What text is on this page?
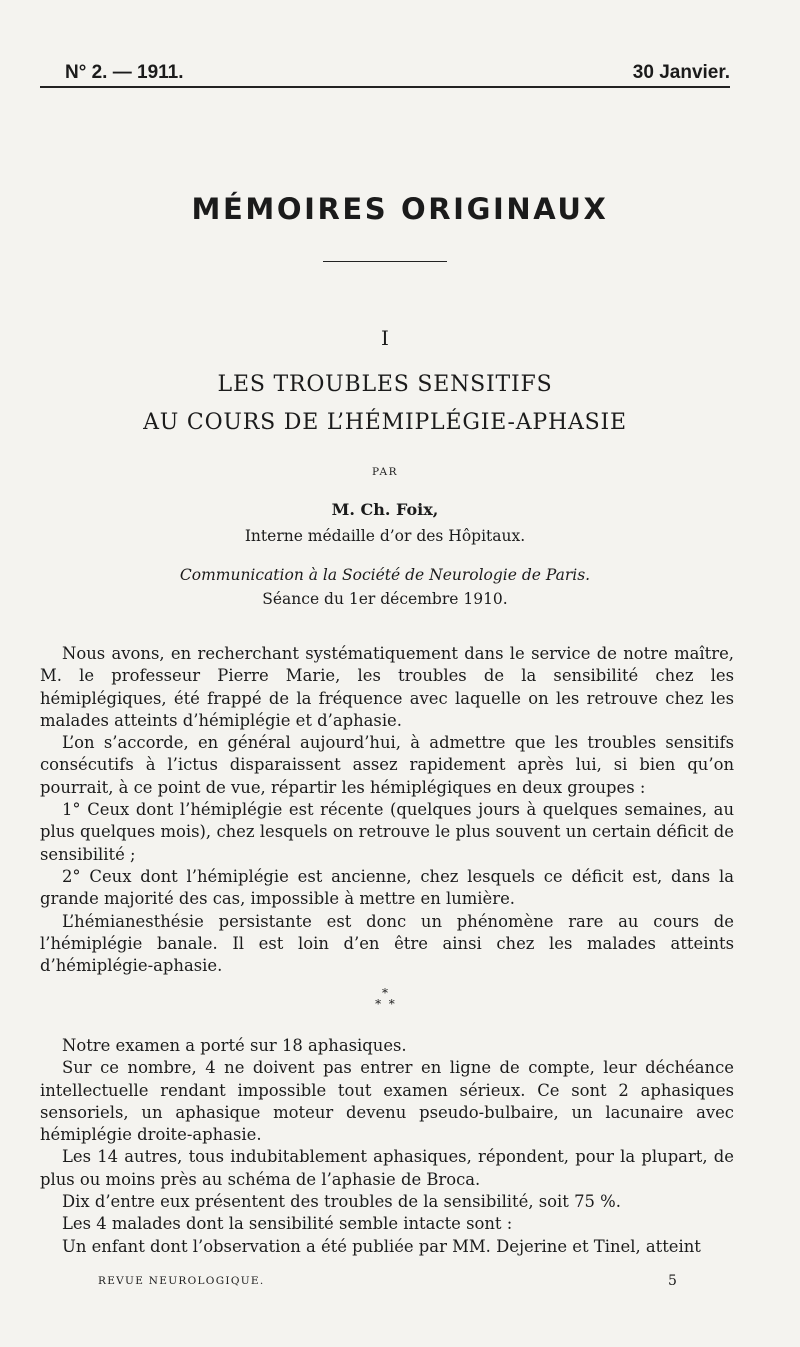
N° 2. — 1911.	30 Janvier.
MÉMOIRES ORIGINAUX
I
LES TROUBLES SENSITIFS
AU COURS DE L’HÉMIPLÉGIE-APHASIE
PAR
M. Ch. Foix,
Interne médaille d’or des Hôpitaux.
Communication à la Société de Neurologie de Paris.
Séance du 1er décembre 1910.

Nous avons, en recherchant systématiquement dans le service de notre maître, M. le professeur Pierre Marie, les troubles de la sensibilité chez les hémiplégiques, été frappé de la fréquence avec laquelle on les retrouve chez les malades atteints d’hémiplégie et d’aphasie.

L’on s’accorde, en général aujourd’hui, à admettre que les troubles sensitifs consécutifs à l’ictus disparaissent assez rapidement après lui, si bien qu’on pourrait, à ce point de vue, répartir les hémiplégiques en deux groupes :

1° Ceux dont l’hémiplégie est récente (quelques jours à quelques semaines, au plus quelques mois), chez lesquels on retrouve le plus souvent un certain déficit de sensibilité ;

2° Ceux dont l’hémiplégie est ancienne, chez lesquels ce déficit est, dans la grande majorité des cas, impossible à mettre en lumière.

L’hémianesthésie persistante est donc un phénomène rare au cours de l’hémiplégie banale. Il est loin d’en être ainsi chez les malades atteints d’hémiplégie-aphasie.

*
*  *

Notre examen a porté sur 18 aphasiques.

Sur ce nombre, 4 ne doivent pas entrer en ligne de compte, leur déchéance intellectuelle rendant impossible tout examen sérieux. Ce sont 2 aphasiques sensoriels, un aphasique moteur devenu pseudo-bulbaire, un lacunaire avec hémiplégie droite-aphasie.

Les 14 autres, tous indubitablement aphasiques, répondent, pour la plupart, de plus ou moins près au schéma de l’aphasie de Broca.

Dix d’entre eux présentent des troubles de la sensibilité, soit 75 %.

Les 4 malades dont la sensibilité semble intacte sont :

Un enfant dont l’observation a été publiée par MM. Dejerine et Tinel, atteint

REVUE NEUROLOGIQUE.	5
